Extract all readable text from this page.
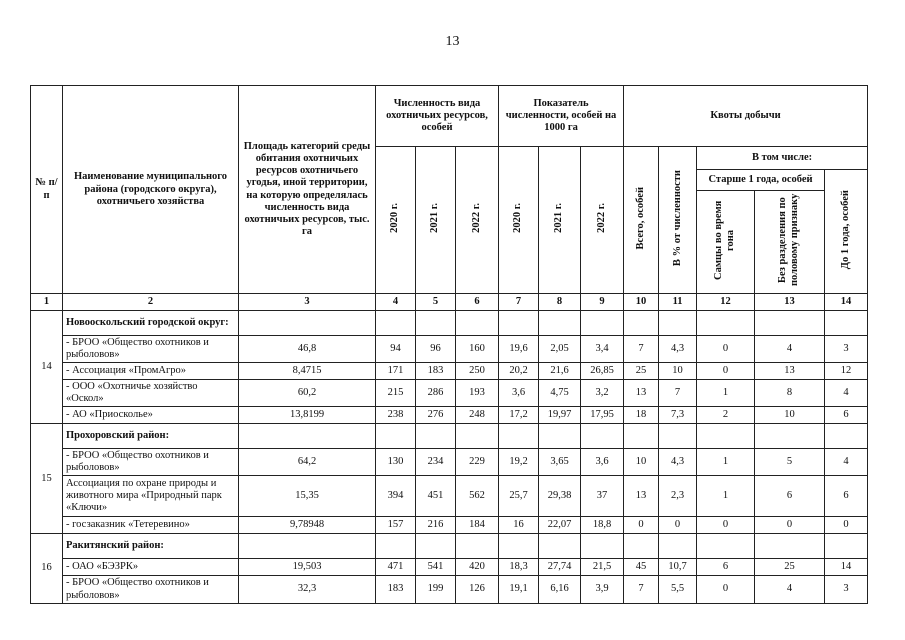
13
№ п/п	Наименование муниципального района (городского округа), охотничьего хозяйства	Площадь категорий среды обитания охотничьих ресурсов охотничьего угодья, иной территории, на которую определялась численность вида охотничьих ресурсов, тыс. га	Численность вида охотничьих ресурсов, особей			Показатель численности, особей на 1000 га			Квоты добычи				
			2020 г.	2021 г.	2022 г.	2020 г.	2021 г.	2022 г.	Всего, особей	В % от численности	В том числе:		
											Старше 1 года, особей		До 1 года, особей
											Самцы во время гона	Без разделения по половому признаку	
1	2	3	4	5	6	7	8	9	10	11	12	13	14
14	Новооскольский городской округ:												
	- БРОО «Общество охотников и рыболовов»	46,8	94	96	160	19,6	2,05	3,4	7	4,3	0	4	3
	- Ассоциация «ПромАгро»	8,4715	171	183	250	20,2	21,6	26,85	25	10	0	13	12
	- ООО «Охотничье хозяйство «Оскол»	60,2	215	286	193	3,6	4,75	3,2	13	7	1	8	4
	- АО «Приосколье»	13,8199	238	276	248	17,2	19,97	17,95	18	7,3	2	10	6
15	Прохоровский район:												
	- БРОО «Общество охотников и рыболовов»	64,2	130	234	229	19,2	3,65	3,6	10	4,3	1	5	4
	Ассоциация по охране природы и животного мира «Природный парк «Ключи»	15,35	394	451	562	25,7	29,38	37	13	2,3	1	6	6
	- госзаказник «Тетеревино»	9,78948	157	216	184	16	22,07	18,8	0	0	0	0	0
16	Ракитянский район:												
	- ОАО «БЭЗРК»	19,503	471	541	420	18,3	27,74	21,5	45	10,7	6	25	14
	- БРОО «Общество охотников и рыболовов»	32,3	183	199	126	19,1	6,16	3,9	7	5,5	0	4	3
